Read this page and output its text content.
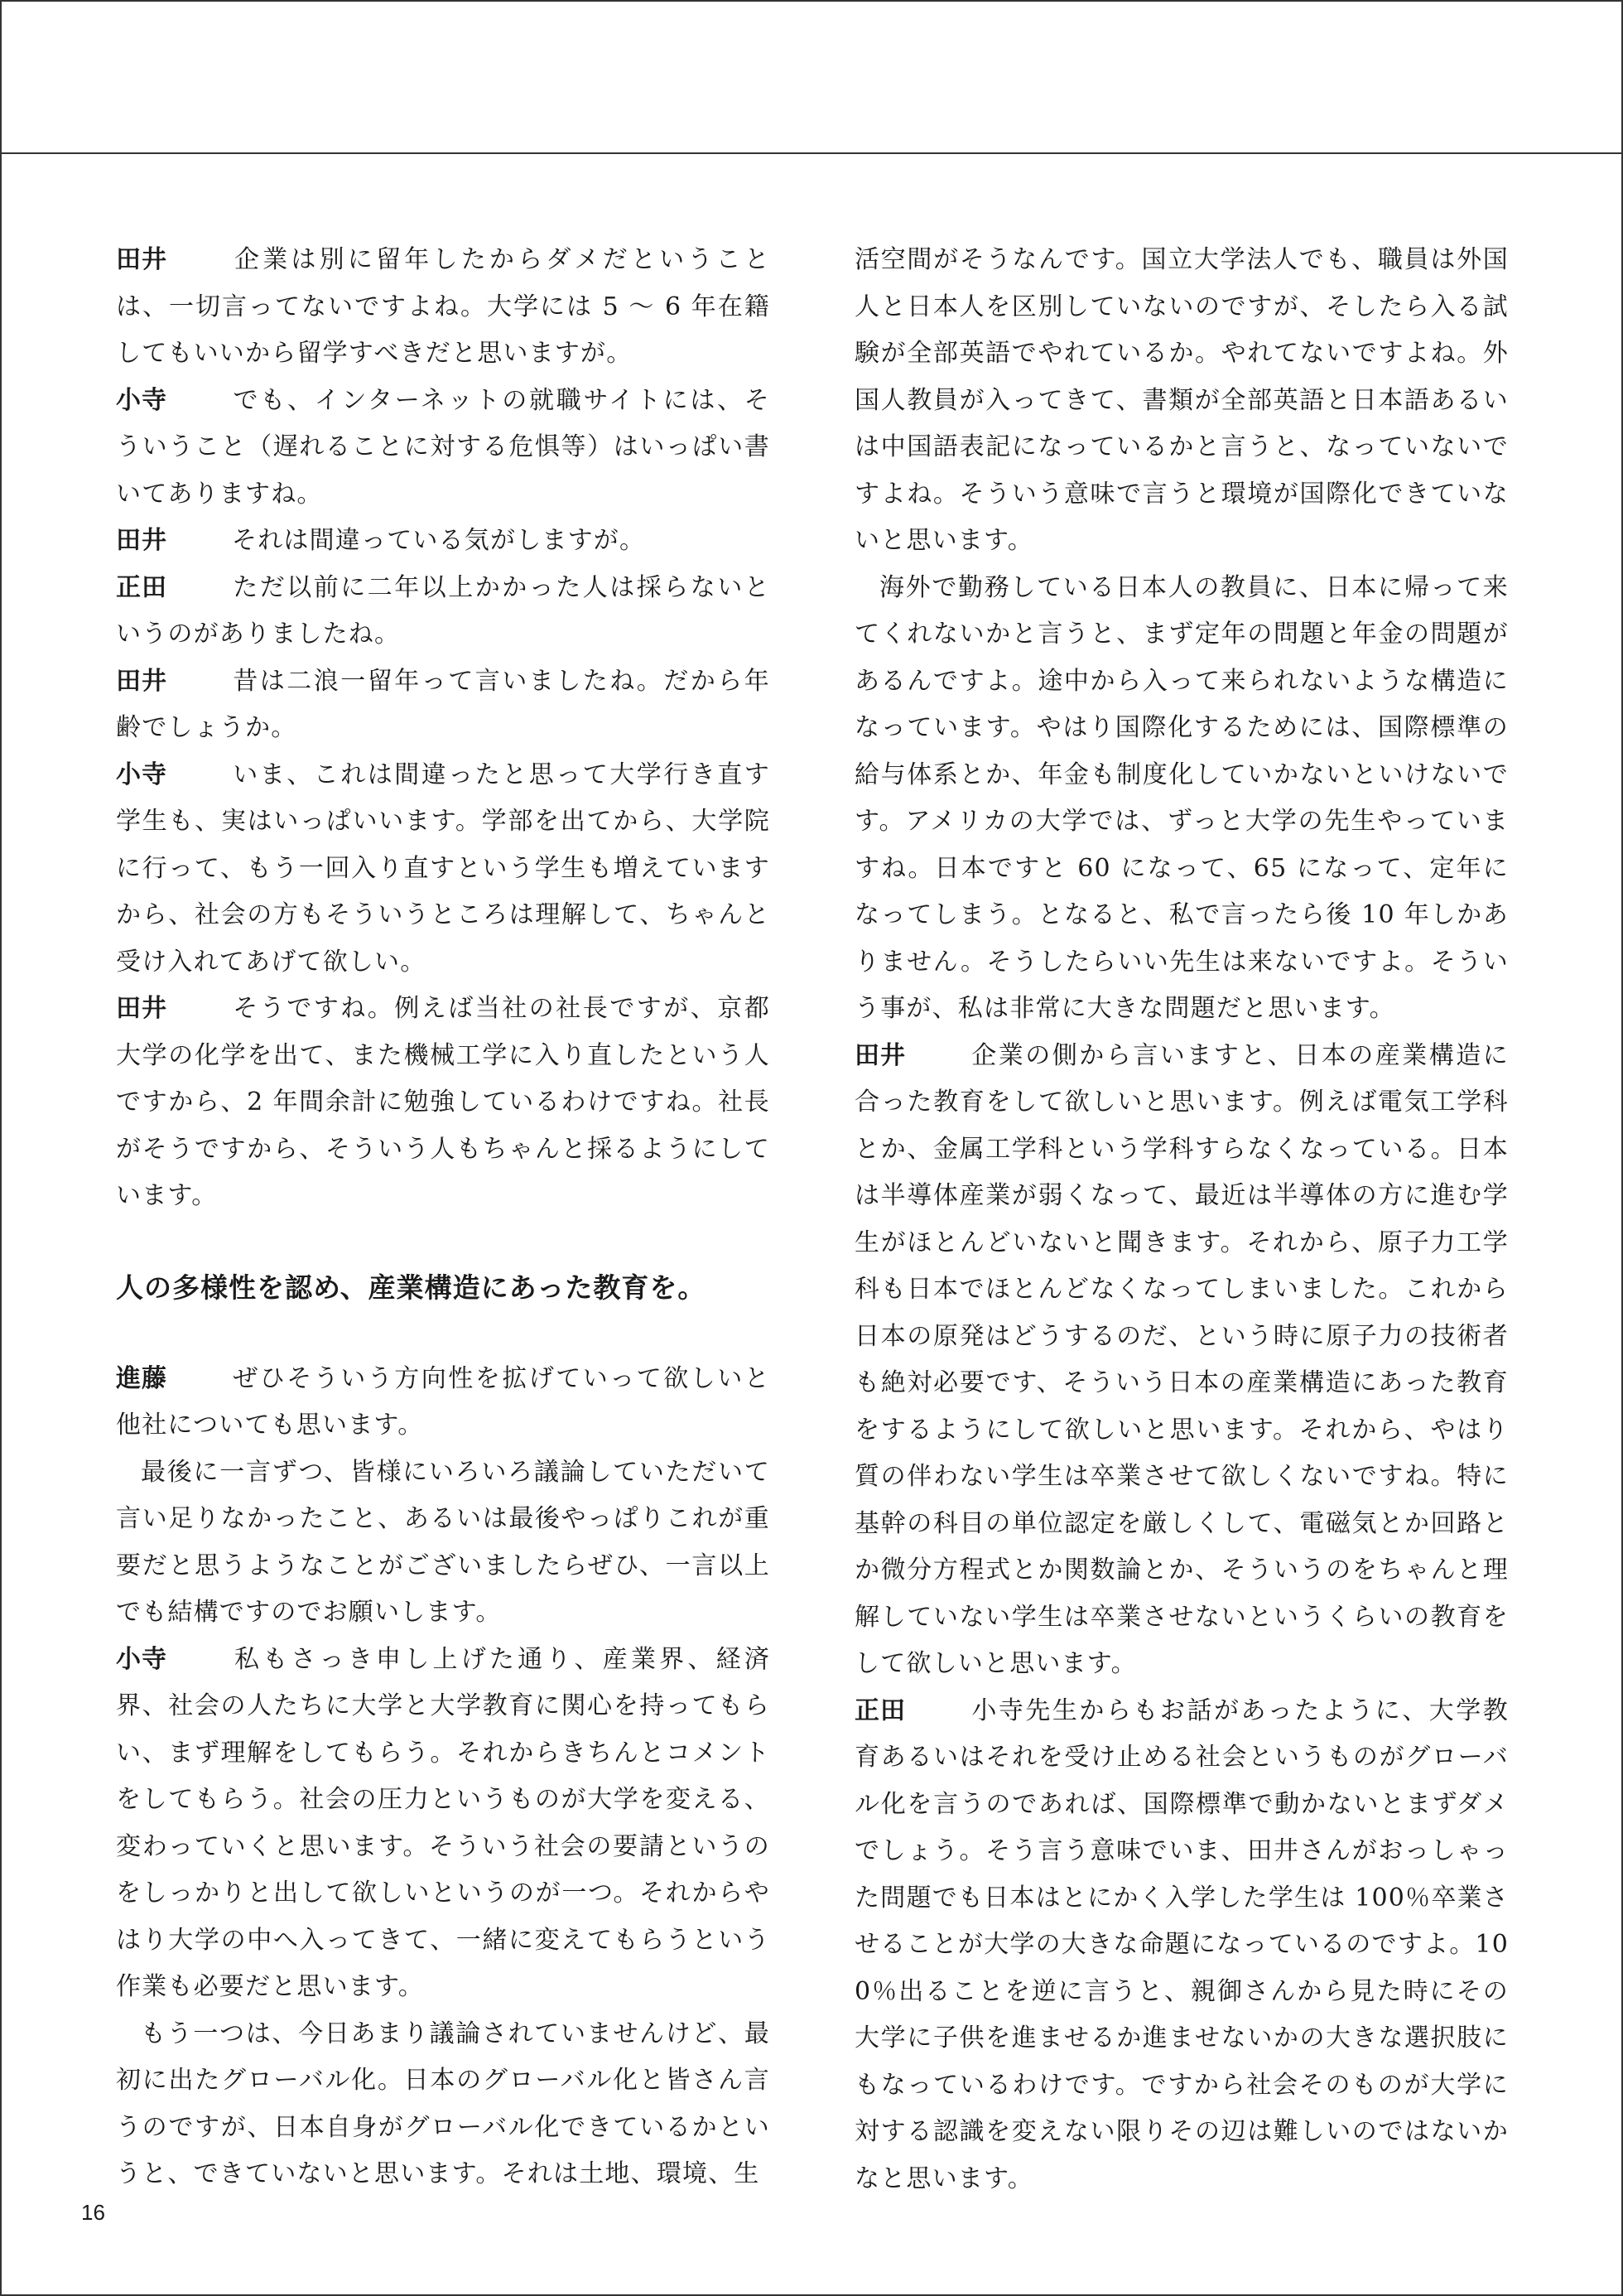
田井	企業は別に留年したからダメだということは、一切言ってないですよね。大学には 5 〜 6 年在籍してもいいから留学すべきだと思いますが。

小寺	でも、インターネットの就職サイトには、そういうこと（遅れることに対する危惧等）はいっぱい書いてありますね。

田井	それは間違っている気がしますが。

正田	ただ以前に二年以上かかった人は採らないというのがありましたね。

田井	昔は二浪一留年って言いましたね。だから年齢でしょうか。

小寺	いま、これは間違ったと思って大学行き直す学生も、実はいっぱいいます。学部を出てから、大学院に行って、もう一回入り直すという学生も増えていますから、社会の方もそういうところは理解して、ちゃんと受け入れてあげて欲しい。

田井	そうですね。例えば当社の社長ですが、京都大学の化学を出て、また機械工学に入り直したという人ですから、2 年間余計に勉強しているわけですね。社長がそうですから、そういう人もちゃんと採るようにしています。

人の多様性を認め、産業構造にあった教育を。

進藤	ぜひそういう方向性を拡げていって欲しいと他社についても思います。

最後に一言ずつ、皆様にいろいろ議論していただいて言い足りなかったこと、あるいは最後やっぱりこれが重要だと思うようなことがございましたらぜひ、一言以上でも結構ですのでお願いします。

小寺	私もさっき申し上げた通り、産業界、経済界、社会の人たちに大学と大学教育に関心を持ってもらい、まず理解をしてもらう。それからきちんとコメントをしてもらう。社会の圧力というものが大学を変える、変わっていくと思います。そういう社会の要請というのをしっかりと出して欲しいというのが一つ。それからやはり大学の中へ入ってきて、一緒に変えてもらうという作業も必要だと思います。

もう一つは、今日あまり議論されていませんけど、最初に出たグローバル化。日本のグローバル化と皆さん言うのですが、日本自身がグローバル化できているかというと、できていないと思います。それは土地、環境、生

活空間がそうなんです。国立大学法人でも、職員は外国人と日本人を区別していないのですが、そしたら入る試験が全部英語でやれているか。やれてないですよね。外国人教員が入ってきて、書類が全部英語と日本語あるいは中国語表記になっているかと言うと、なっていないですよね。そういう意味で言うと環境が国際化できていないと思います。

海外で勤務している日本人の教員に、日本に帰って来てくれないかと言うと、まず定年の問題と年金の問題があるんですよ。途中から入って来られないような構造になっています。やはり国際化するためには、国際標準の給与体系とか、年金も制度化していかないといけないです。アメリカの大学では、ずっと大学の先生やっていますね。日本ですと 60 になって、65 になって、定年になってしまう。となると、私で言ったら後 10 年しかありません。そうしたらいい先生は来ないですよ。そういう事が、私は非常に大きな問題だと思います。

田井	企業の側から言いますと、日本の産業構造に合った教育をして欲しいと思います。例えば電気工学科とか、金属工学科という学科すらなくなっている。日本は半導体産業が弱くなって、最近は半導体の方に進む学生がほとんどいないと聞きます。それから、原子力工学科も日本でほとんどなくなってしまいました。これから日本の原発はどうするのだ、という時に原子力の技術者も絶対必要です、そういう日本の産業構造にあった教育をするようにして欲しいと思います。それから、やはり質の伴わない学生は卒業させて欲しくないですね。特に基幹の科目の単位認定を厳しくして、電磁気とか回路とか微分方程式とか関数論とか、そういうのをちゃんと理解していない学生は卒業させないというくらいの教育をして欲しいと思います。

正田	小寺先生からもお話があったように、大学教育あるいはそれを受け止める社会というものがグローバル化を言うのであれば、国際標準で動かないとまずダメでしょう。そう言う意味でいま、田井さんがおっしゃった問題でも日本はとにかく入学した学生は 100％卒業させることが大学の大きな命題になっているのですよ。100％出ることを逆に言うと、親御さんから見た時にその大学に子供を進ませるか進ませないかの大きな選択肢にもなっているわけです。ですから社会そのものが大学に対する認識を変えない限りその辺は難しいのではないかなと思います。

16
